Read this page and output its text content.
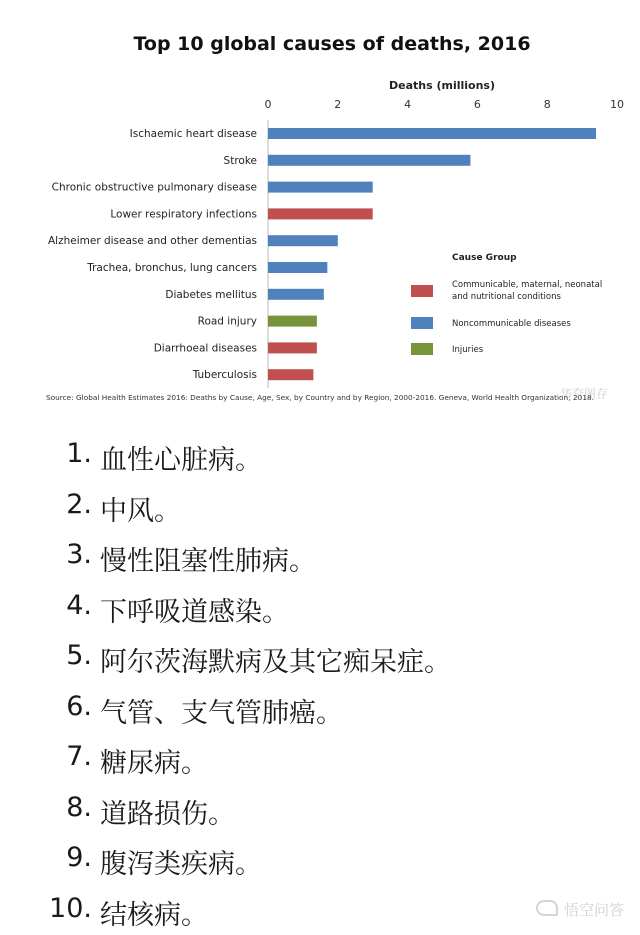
Top 10 global causes of deaths, 2016
Deaths (millions)
0	2	4	6	8	10
Ischaemic heart disease
Stroke
Chronic obstructive pulmonary disease
Lower respiratory infections
Alzheimer disease and other dementias
Trachea, bronchus, lung cancers
Diabetes mellitus
Road injury
Diarrhoeal diseases
Tuberculosis
Cause Group
Communicable, maternal, neonatal
and nutritional conditions
Noncommunicable diseases
Injuries
华夼图存
Source: Global Health Estimates 2016: Deaths by Cause, Age, Sex, by Country and by Region, 2000-2016. Geneva, World Health Organization; 2018.
1. 血性心脏病。
2. 中风。
3. 慢性阻塞性肺病。
4. 下呼吸道感染。
5. 阿尔茨海默病及其它痴呆症。
6. 气管、支气管肺癌。
7. 糖尿病。
8. 道路损伤。
9. 腹泻类疾病。
10. 结核病。	悟空问答
